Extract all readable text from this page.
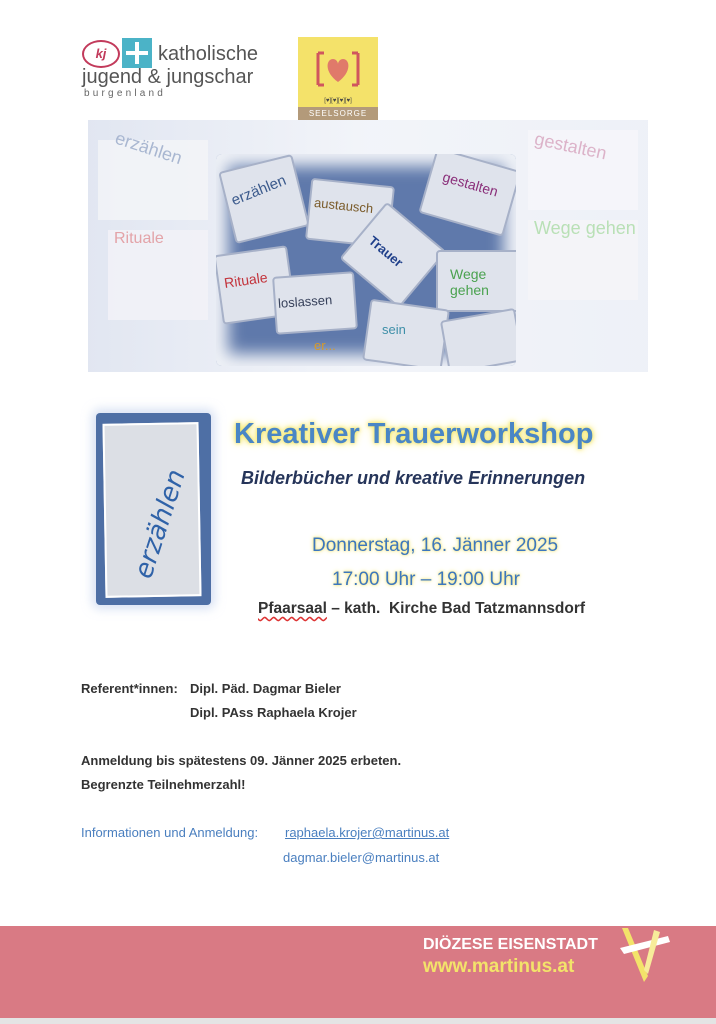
kj	katholische
jugend & jungschar
burgenland
[♥][♥][♥][♥]
SEELSORGE
erzählen
Rituale
gestalten
Wege gehen
erzählen austausch
gestalten
Rituale
Trauer
Wege gehen
loslassen
sein
er...
erzählen
Kreativer Trauerworkshop
Bilderbücher und kreative Erinnerungen
Donnerstag, 16. Jänner 2025
17:00 Uhr – 19:00 Uhr
Pfaarsaal – kath.  Kirche Bad Tatzmannsdorf
Referent*innen: Dipl. Päd. Dagmar Bieler
Dipl. PAss Raphaela Krojer
Anmeldung bis spätestens 09. Jänner 2025 erbeten.
Begrenzte Teilnehmerzahl!
Informationen und Anmeldung: raphaela.krojer@martinus.at
dagmar.bieler@martinus.at
DIÖZESE EISENSTADT
www.martinus.at
